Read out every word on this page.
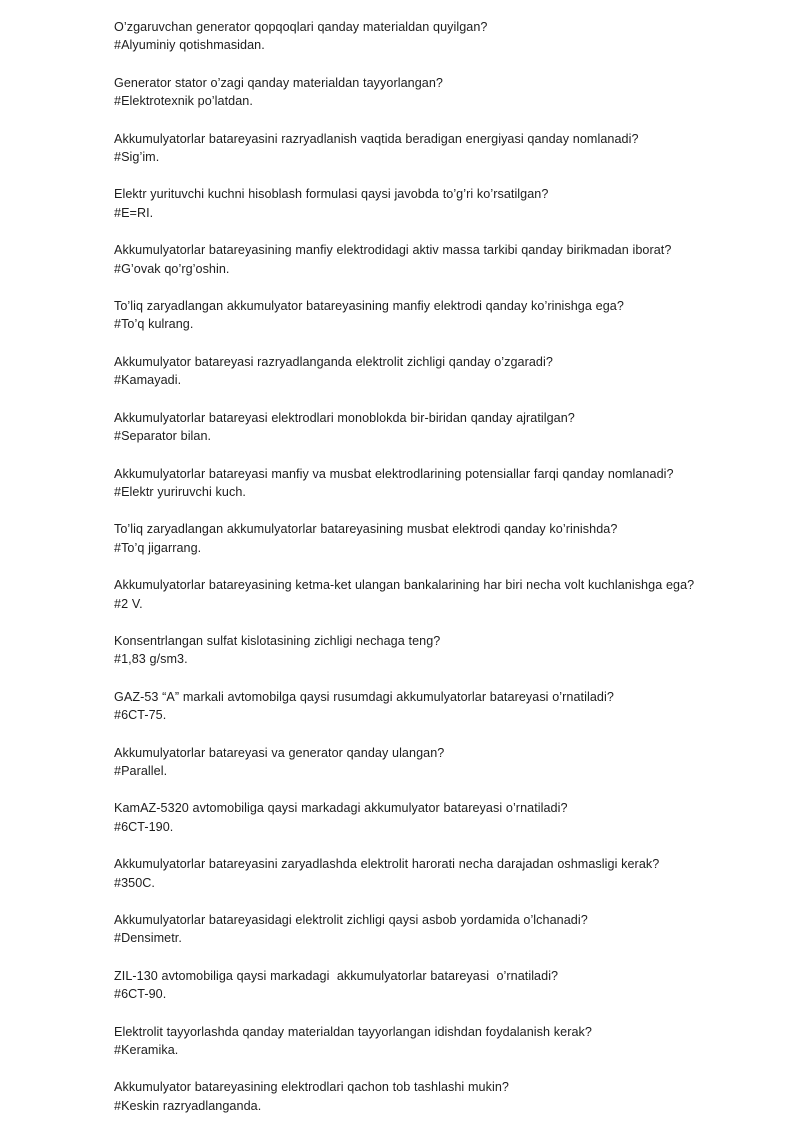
O’zgaruvchan generator qopqoqlari qanday materialdan quyilgan?

#Alyuminiy qotishmasidan.

Generator stator o’zagi qanday materialdan tayyorlangan?

#Elektrotexnik po’latdan.

Akkumulyatorlar batareyasini razryadlanish vaqtida beradigan energiyasi qanday nomlanadi?

#Sig’im.

Elektr yurituvchi kuchni hisoblash formulasi qaysi javobda to’g’ri ko’rsatilgan?

#E=RI.

Akkumulyatorlar batareyasining manfiy elektrodidagi aktiv massa tarkibi qanday birikmadan iborat?

#G’ovak qo’rg’oshin.

To’liq zaryadlangan akkumulyator batareyasining manfiy elektrodi qanday ko’rinishga ega?

#To’q kulrang.

Akkumulyator batareyasi razryadlanganda elektrolit zichligi qanday o’zgaradi?

#Kamayadi.

Akkumulyatorlar batareyasi elektrodlari monoblokda bir-biridan qanday ajratilgan?

#Separator bilan.

Akkumulyatorlar batareyasi manfiy va musbat elektrodlarining potensiallar farqi qanday nomlanadi?

#Elektr yuriruvchi kuch.

To’liq zaryadlangan akkumulyatorlar batareyasining musbat elektrodi qanday ko’rinishda?

#To’q jigarrang.

Akkumulyatorlar batareyasining ketma-ket ulangan bankalarining har biri necha volt kuchlanishga ega?

#2 V.

Konsentrlangan sulfat kislotasining zichligi nechaga teng?

#1,83 g/sm3.

GAZ-53 “A” markali avtomobilga qaysi rusumdagi akkumulyatorlar batareyasi o’rnatiladi?

#6CT-75.

Akkumulyatorlar batareyasi va generator qanday ulangan?

#Parallel.

KamAZ-5320 avtomobiliga qaysi markadagi akkumulyator batareyasi o’rnatiladi?

#6CT-190.

Akkumulyatorlar batareyasini zaryadlashda elektrolit harorati necha darajadan oshmasligi kerak?

#350C.

Akkumulyatorlar batareyasidagi elektrolit zichligi qaysi asbob yordamida o’lchanadi?

#Densimetr.

ZIL-130 avtomobiliga qaysi markadagi  akkumulyatorlar batareyasi  o’rnatiladi?

#6CT-90.

Elektrolit tayyorlashda qanday materialdan tayyorlangan idishdan foydalanish kerak?

#Keramika.

Akkumulyator batareyasining elektrodlari qachon tob tashlashi mukin?

#Keskin razryadlanganda.
